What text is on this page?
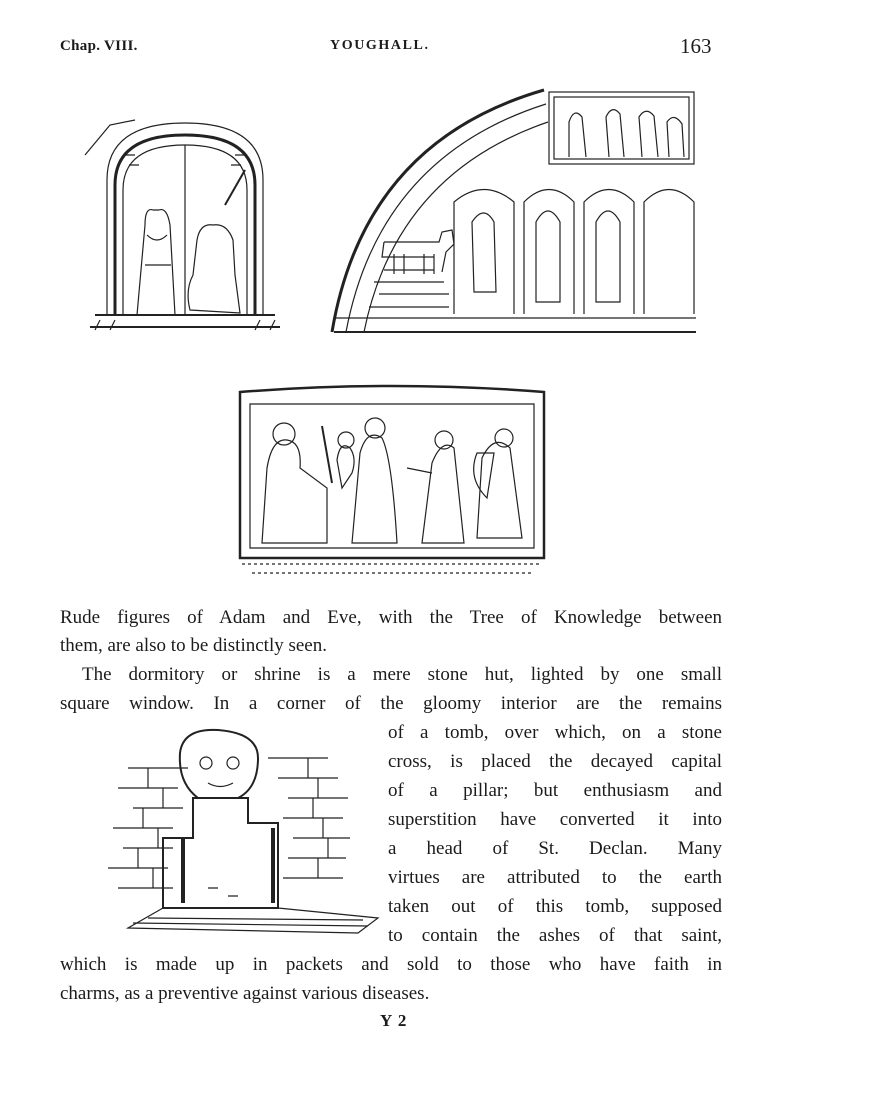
Chap. VIII.	YOUGHALL.	163
Rude figures of Adam and Eve, with the Tree of Knowledge between
them, are also to be distinctly seen.
The dormitory or shrine is a mere stone hut, lighted by one small
square window. In a corner of the gloomy interior are the remains
of a tomb, over which, on a stone
cross, is placed the decayed capital
of a pillar; but enthusiasm and
superstition have converted it into
a head of St. Declan. Many
virtues are attributed to the earth
taken out of this tomb, supposed
to contain the ashes of that saint,
which is made up in packets and sold to those who have faith in
charms, as a preventive against various diseases.
Y 2
